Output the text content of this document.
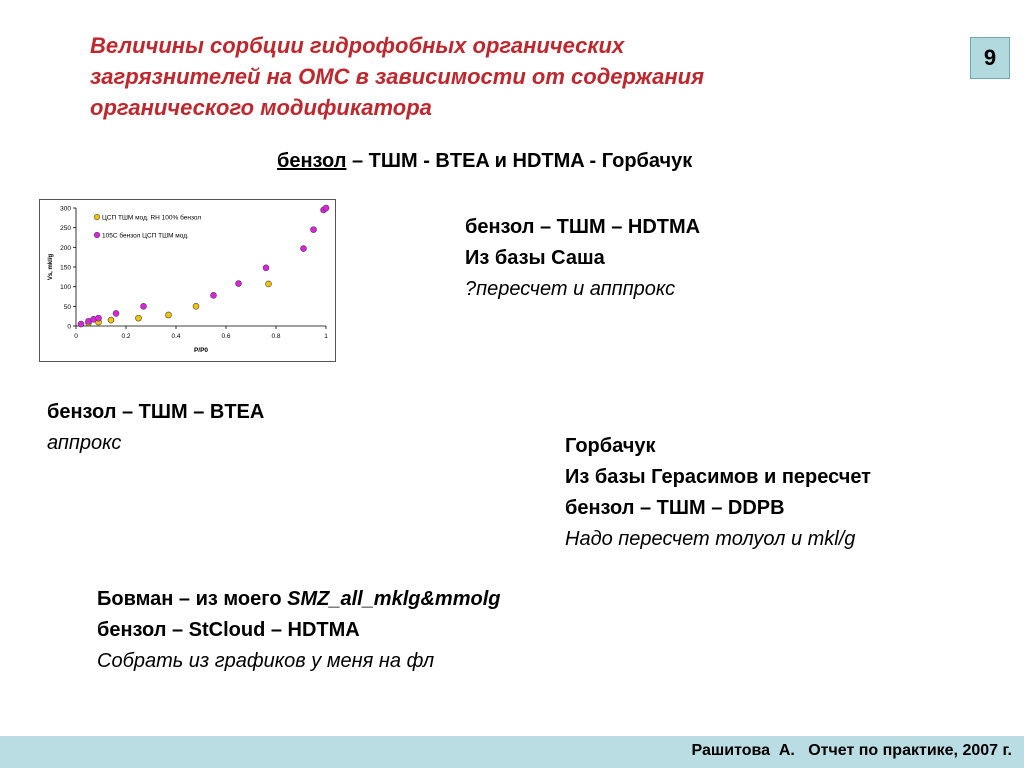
Величины сорбции гидрофобных органических
загрязнителей на ОМС в зависимости от содержания
органического модификатора
9
бензол – ТШМ - BTEA и HDTMA - Горбачук
0
50
100
150
200
250
300
0	0.2	0.4	0.6	0.8	1
P/P0
Vs, mkl/g
ЦСП ТШМ мод. RH 100% бензол
105С бензол ЦСП ТШМ мод.	бензол – ТШМ – HDTMA
Из базы Саша
?пересчет и апппрокс
бензол – ТШМ – BTEA
аппрокс	Горбачук
Из базы Герасимов и пересчет
бензол – ТШМ – DDPB
Надо пересчет толуол и mkl/g
Бовман – из моего SMZ_all_mklg&mmolg
бензол – StCloud – HDTMA
Собрать из графиков у меня на фл
Рашитова  А.   Отчет по практике, 2007 г.
